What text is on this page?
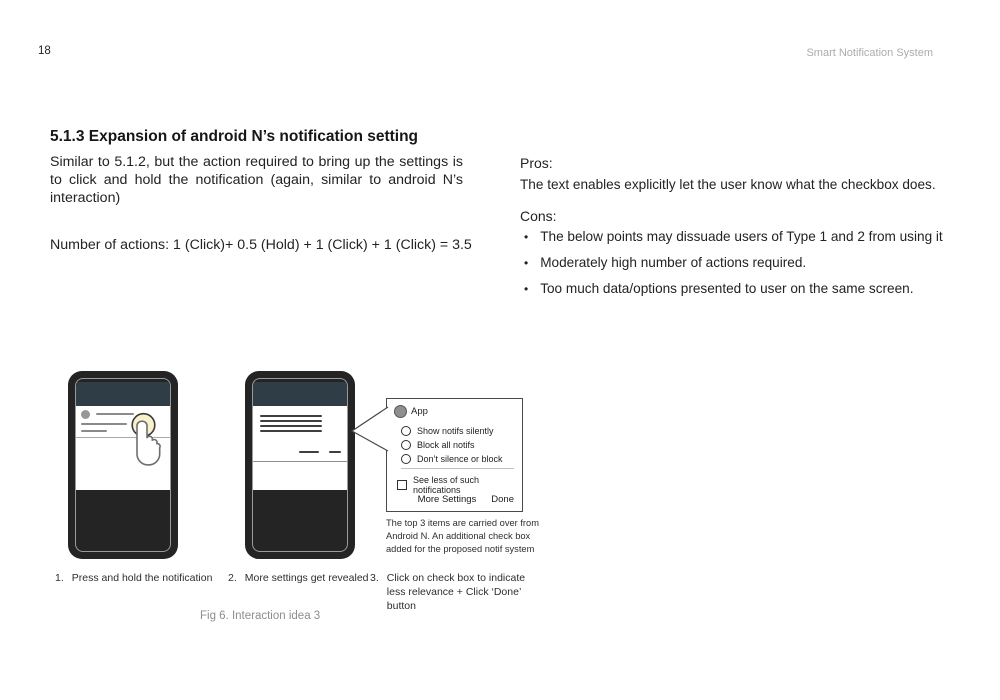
18	Smart Notification System
5.1.3 Expansion of android N’s notification setting
Similar to 5.1.2, but the action required to bring up the settings is to click and hold the notification (again, similar to android N’s interaction)
Number of actions: 1 (Click)+ 0.5 (Hold) + 1 (Click) + 1 (Click) = 3.5
Pros:
The text enables explicitly let the user know what the checkbox does.
Cons:
• The below points may dissuade users of Type 1 and 2 from using it
• Moderately high number of actions required.
• Too much data/options presented to user on the same screen.
App
Show notifs silently
Block all notifs
Don’t silence or block
See less of such notifications
More Settings Done
The top 3 items are carried over from Android N. An additional check box added for the proposed notif system
1. Press and hold the notification 2. More settings get revealed 3. Click on check box to indicate less relevance + Click ‘Done’ button
Fig 6. Interaction idea 3
